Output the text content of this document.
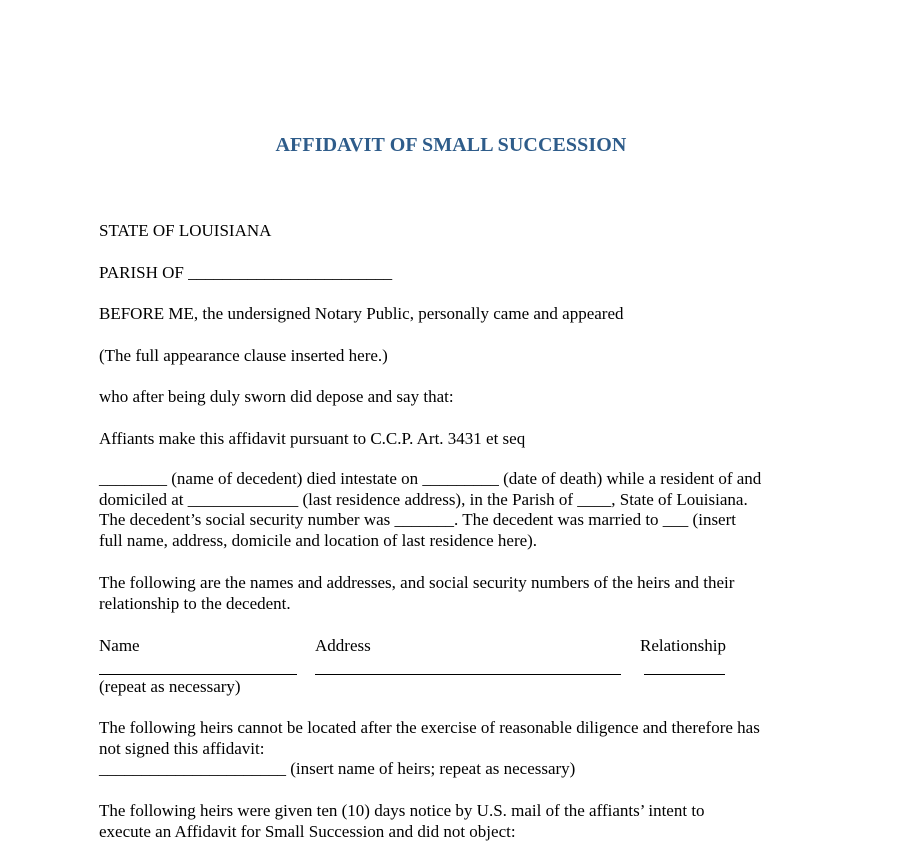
AFFIDAVIT OF SMALL SUCCESSION
STATE OF LOUISIANA
PARISH OF ________________________
BEFORE ME, the undersigned Notary Public, personally came and appeared
(The full appearance clause inserted here.)
who after being duly sworn did depose and say that:
Affiants make this affidavit pursuant to C.C.P. Art. 3431 et seq
________ (name of decedent) died intestate on _________ (date of death) while a resident of and
domiciled at _____________ (last residence address), in the Parish of ____, State of Louisiana.
The decedent’s social security number was _______. The decedent was married to ___ (insert
full name, address, domicile and location of last residence here).
The following are the names and addresses, and social security numbers of the heirs and their
relationship to the decedent.
Name	Address	Relationship
(repeat as necessary)
The following heirs cannot be located after the exercise of reasonable diligence and therefore has
not signed this affidavit:
______________________ (insert name of heirs; repeat as necessary)
The following heirs were given ten (10) days notice by U.S. mail of the affiants’ intent to
execute an Affidavit for Small Succession and did not object:
